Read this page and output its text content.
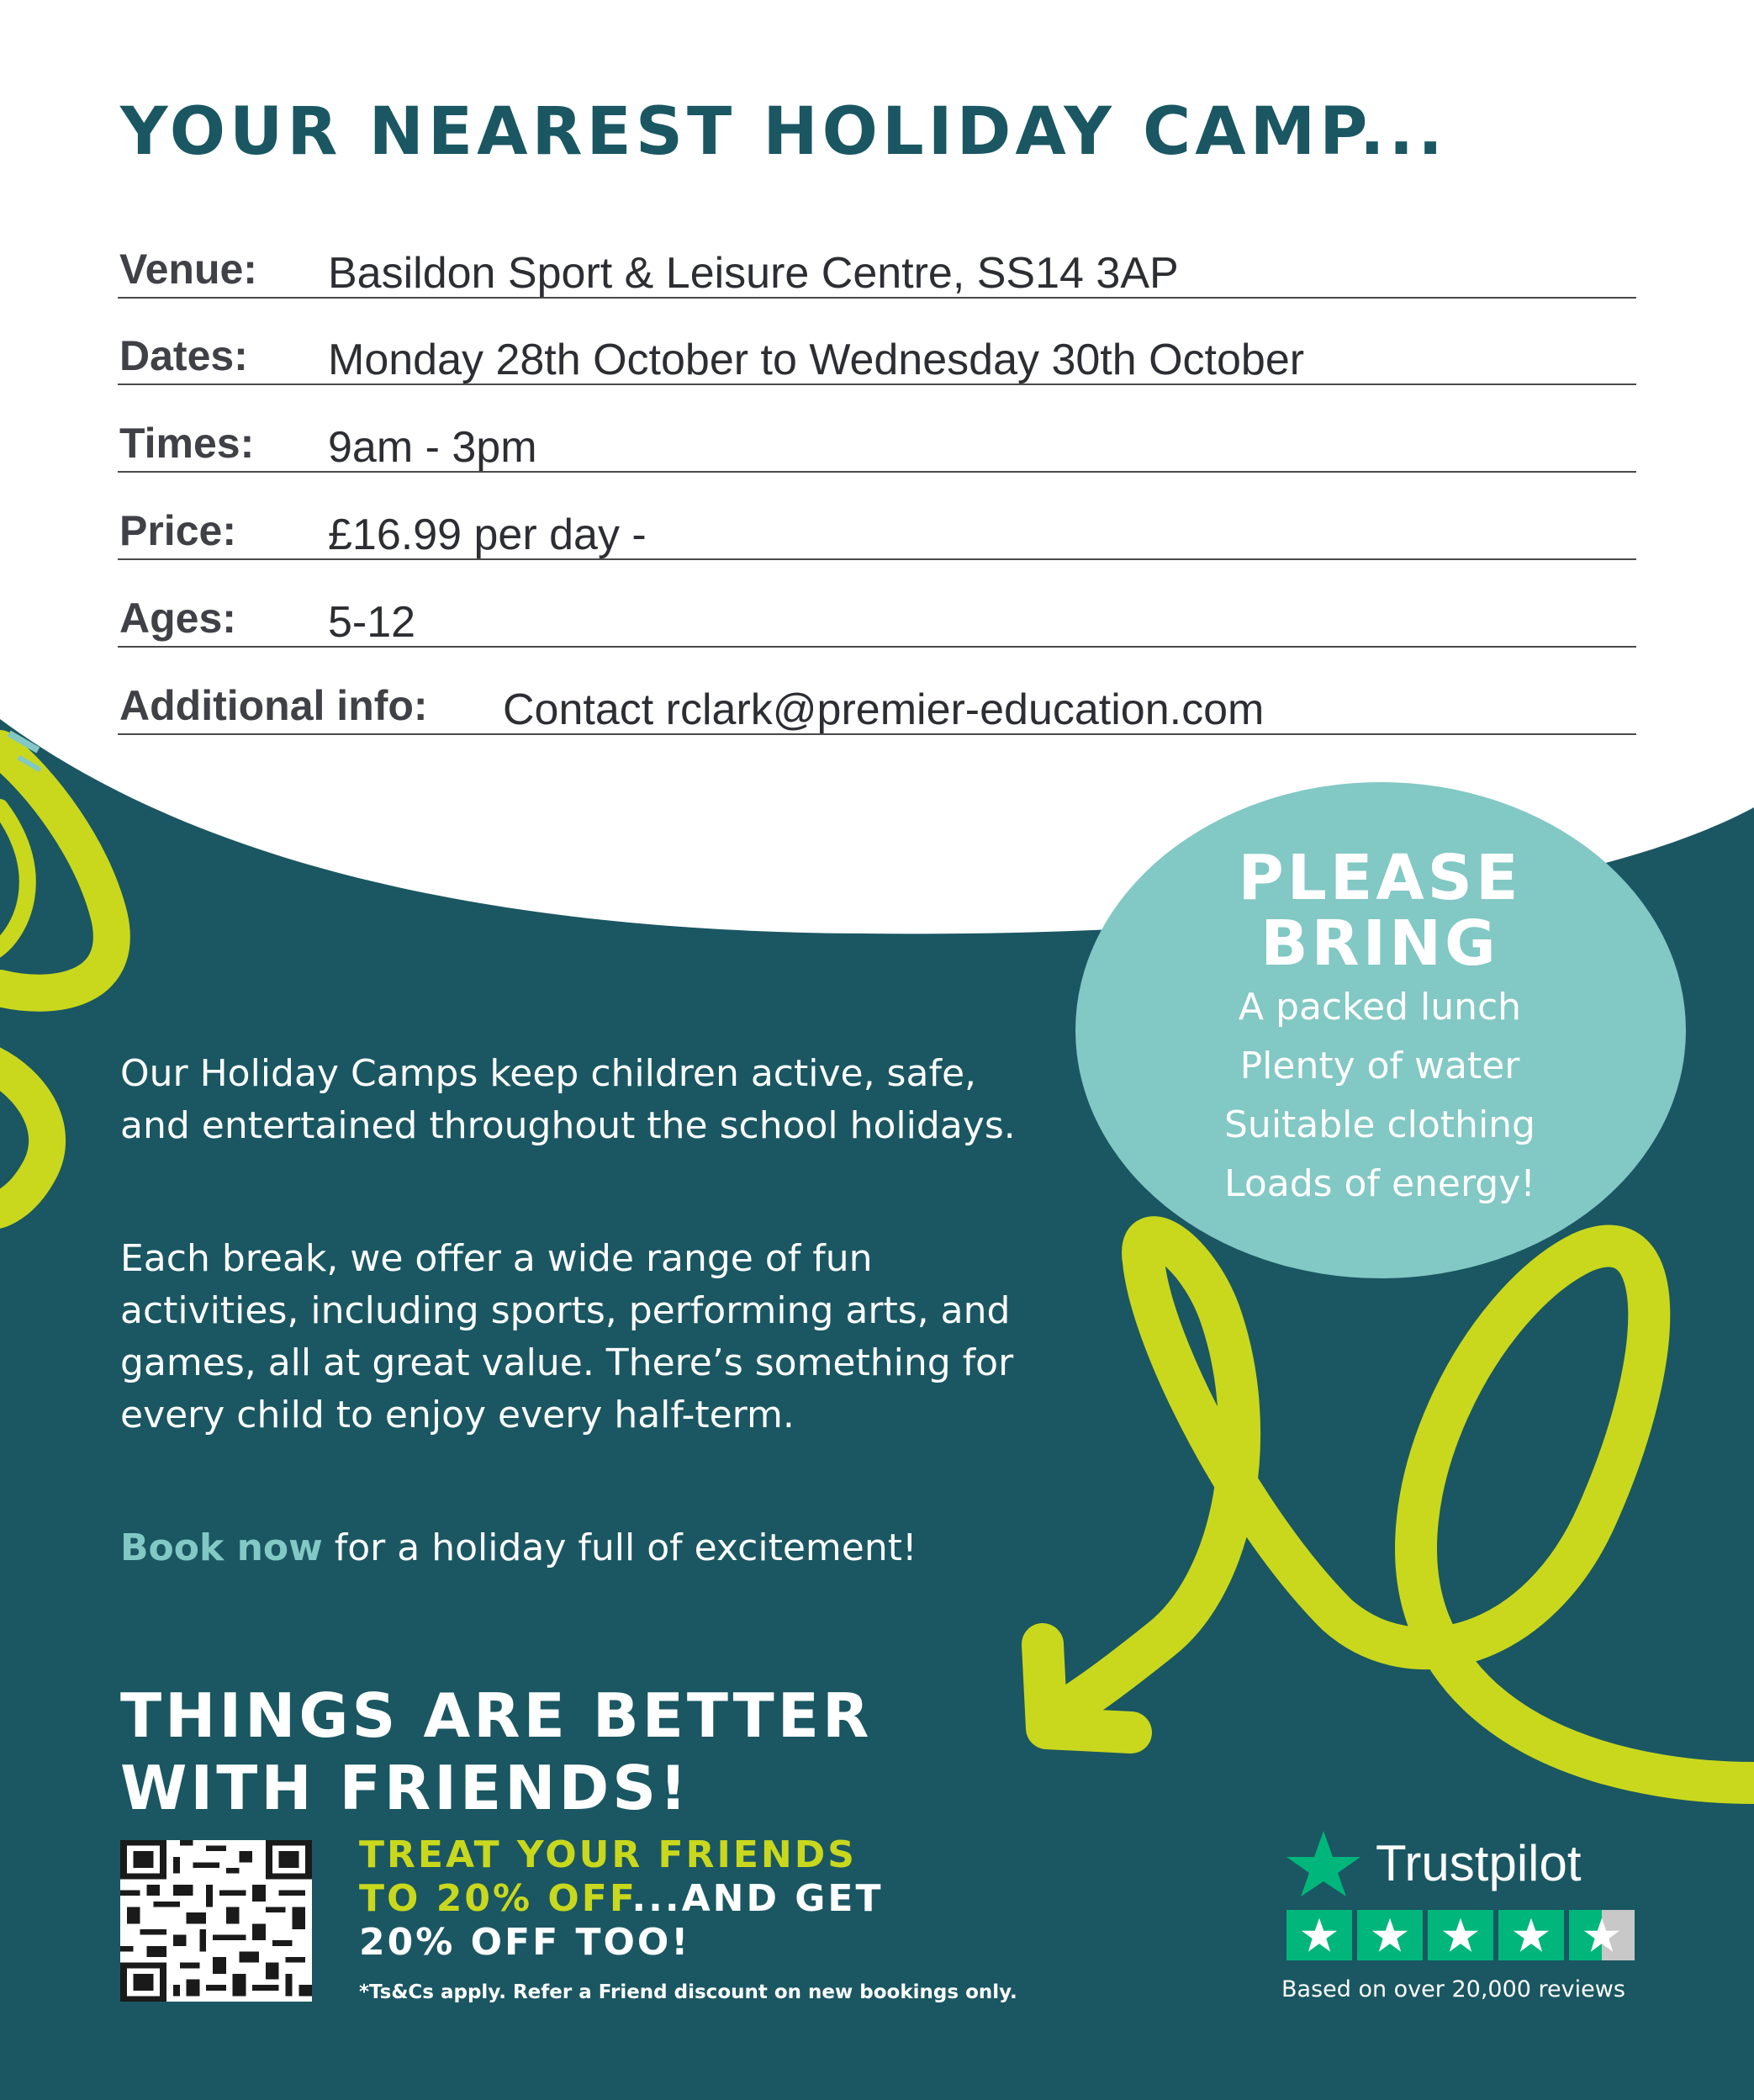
YOUR NEAREST HOLIDAY CAMP...
Venue: Basildon Sport & Leisure Centre, SS14 3AP
Dates: Monday 28th October to Wednesday 30th October
Times: 9am - 3pm
Price: £16.99 per day -
Ages: 5-12
Additional info: Contact rclark@premier-education.com
PLEASE
BRING
A packed lunch
Plenty of water
Suitable clothing
Loads of energy!

Our Holiday Camps keep children active, safe, and entertained throughout the school holidays.

Each break, we offer a wide range of fun activities, including sports, performing arts, and games, all at great value. There’s something for every child to enjoy every half-term.

Book now for a holiday full of excitement!

THINGS ARE BETTER
WITH FRIENDS!
TREAT YOUR FRIENDS
TO 20% OFF...AND GET
20% OFF TOO!
*Ts&Cs apply. Refer a Friend discount on new bookings only.
Trustpilot
Based on over 20,000 reviews
